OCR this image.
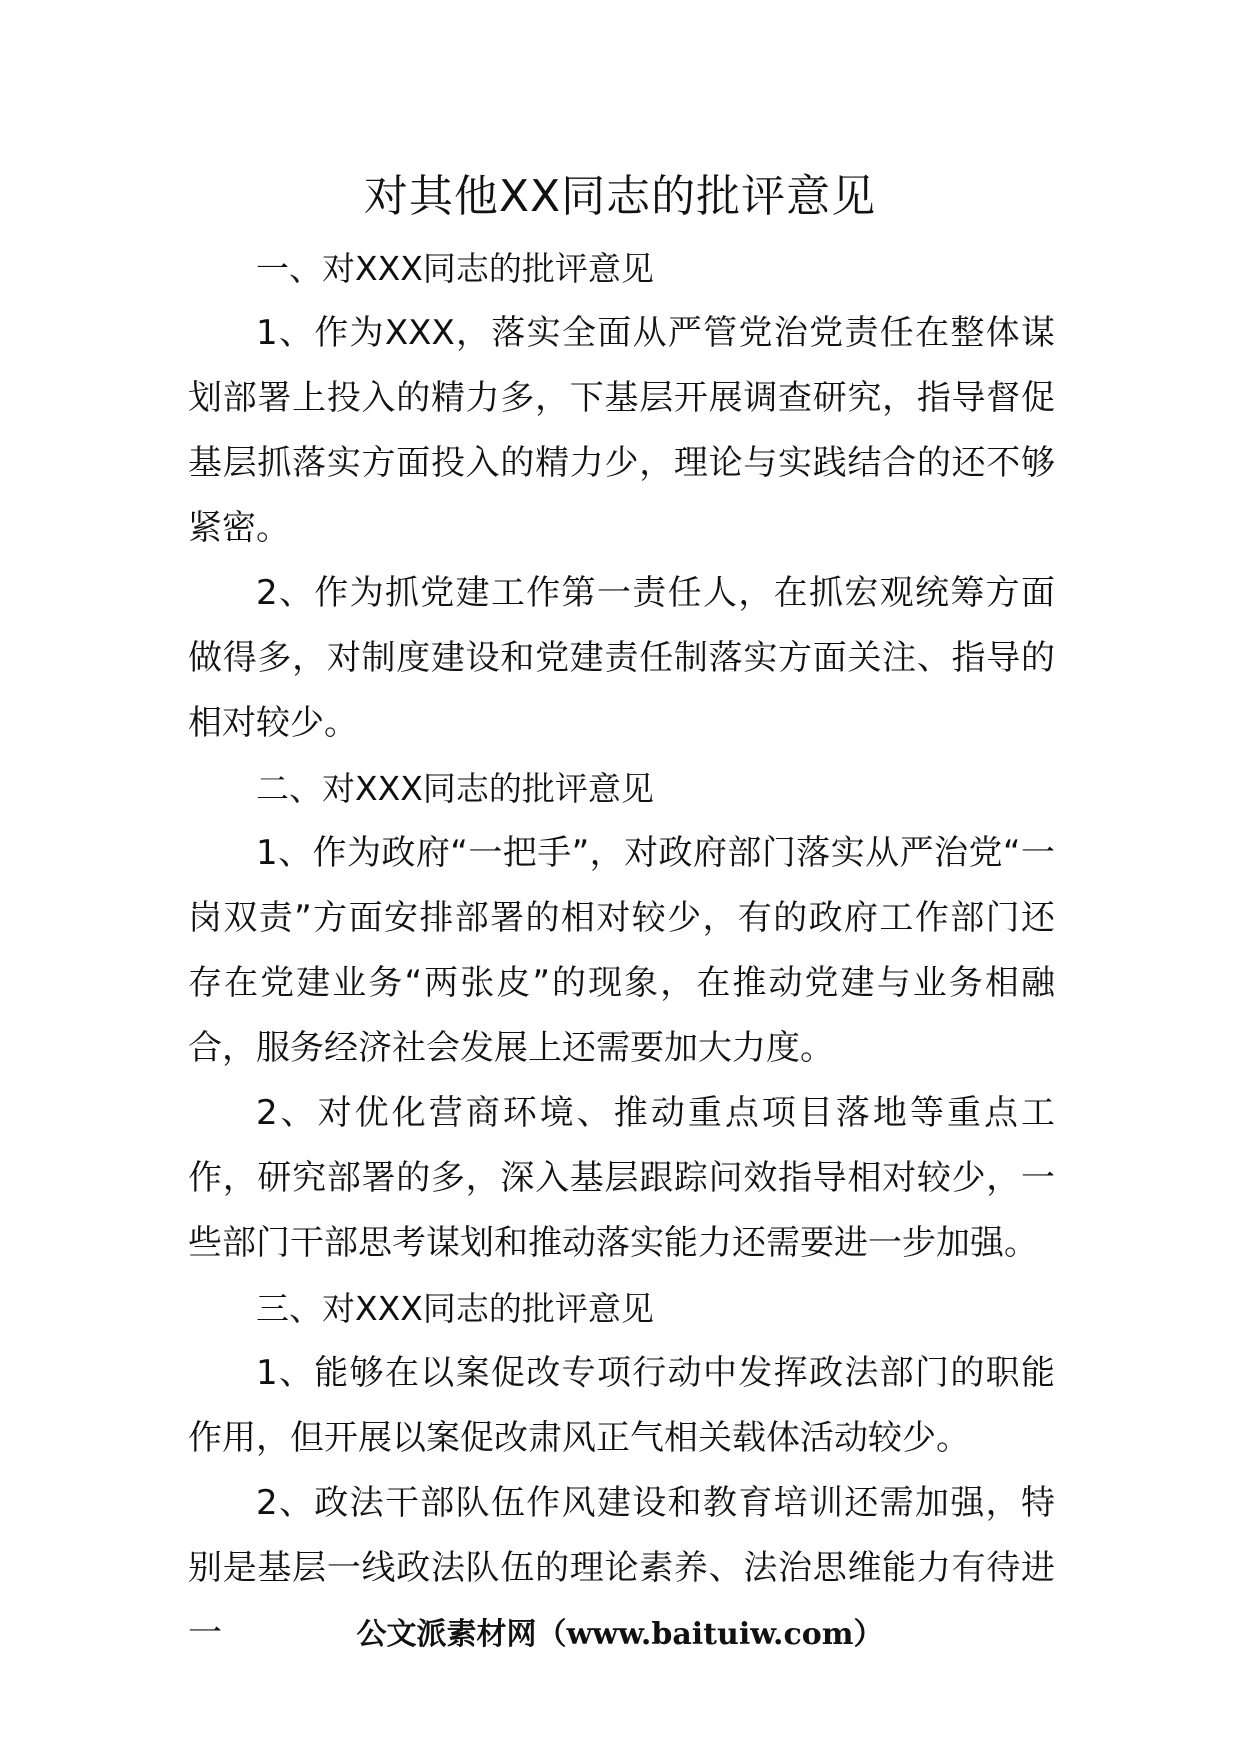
对其他XX同志的批评意见

一、对XXX同志的批评意见

1、作为XXX，落实全面从严管党治党责任在整体谋划部署上投入的精力多，下基层开展调查研究，指导督促基层抓落实方面投入的精力少，理论与实践结合的还不够紧密。

2、作为抓党建工作第一责任人，在抓宏观统筹方面做得多，对制度建设和党建责任制落实方面关注、指导的相对较少。

二、对XXX同志的批评意见

1、作为政府“一把手”，对政府部门落实从严治党“一岗双责”方面安排部署的相对较少，有的政府工作部门还存在党建业务“两张皮”的现象，在推动党建与业务相融合，服务经济社会发展上还需要加大力度。

2、对优化营商环境、推动重点项目落地等重点工作，研究部署的多，深入基层跟踪问效指导相对较少，一些部门干部思考谋划和推动落实能力还需要进一步加强。

三、对XXX同志的批评意见

1、能够在以案促改专项行动中发挥政法部门的职能作用，但开展以案促改肃风正气相关载体活动较少。

2、政法干部队伍作风建设和教育培训还需加强，特别是基层一线政法队伍的理论素养、法治思维能力有待进一	公文派素材网（www.baituiw.com）
